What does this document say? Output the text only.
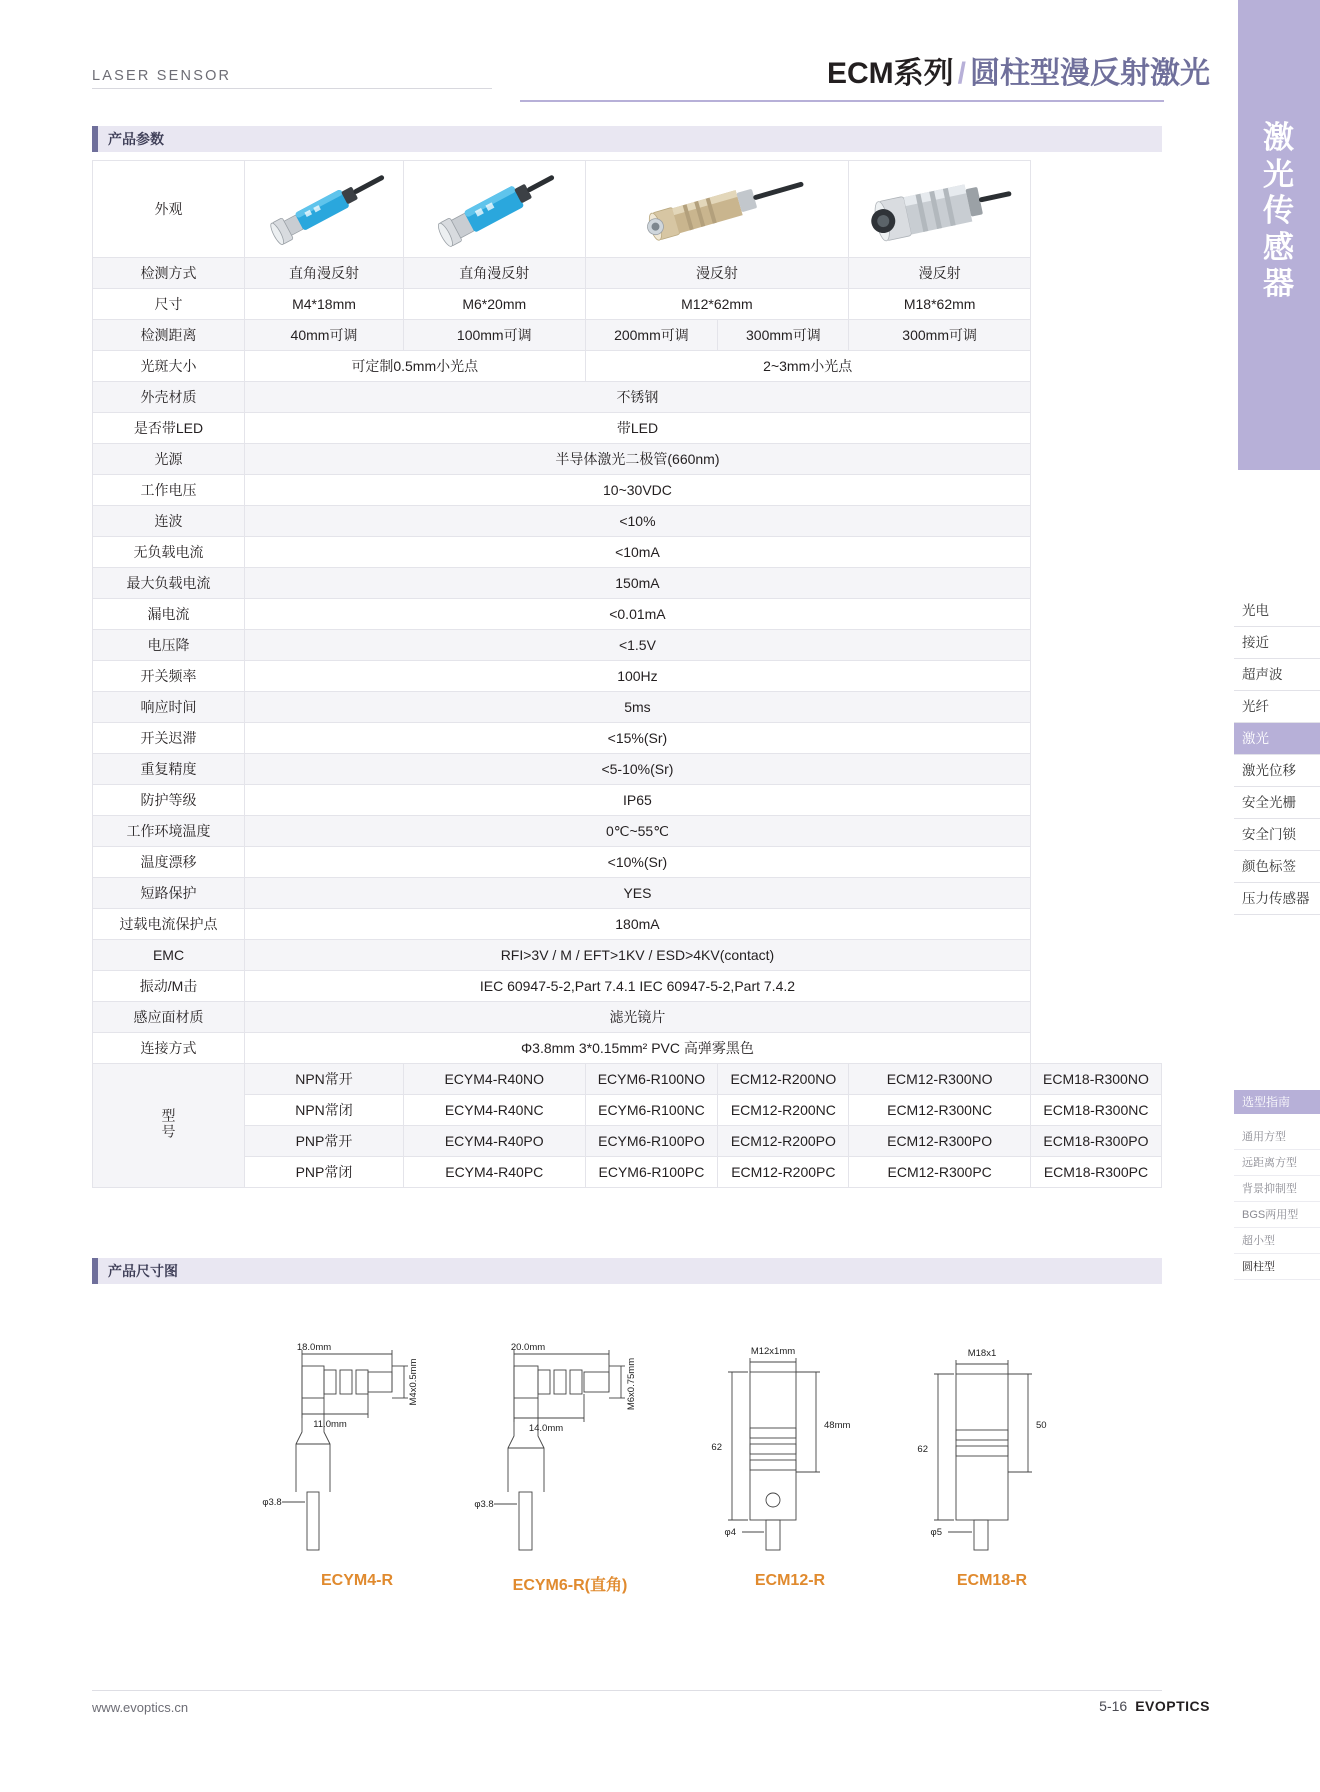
激
光
传
感
器
光电
接近
超声波
光纤
激光
激光位移
安全光栅
安全门锁
颜色标签
压力传感器
选型指南
通用方型
远距离方型
背景抑制型
BGS两用型
超小型
圆柱型
LASER SENSOR	ECM系列 / 圆柱型漫反射激光
产品参数
外观	

检测方式	直角漫反射	直角漫反射	漫反射		漫反射	
尺寸	M4*18mm	M6*20mm	M12*62mm		M18*62mm	
检测距离	40mm可调	100mm可调	200mm可调	300mm可调	300mm可调	
光斑大小	可定制0.5mm小光点		2~3mm小光点			
外壳材质	不锈钢					
是否带LED	带LED					
光源	半导体激光二极管(660nm)					
工作电压	10~30VDC					
连波	<10%					
无负载电流	<10mA					
最大负载电流	150mA					
漏电流	<0.01mA					
电压降	<1.5V					
开关频率	100Hz					
响应时间	5ms					
开关迟滞	<15%(Sr)					
重复精度	<5-10%(Sr)					
防护等级	IP65					
工作环境温度	0℃~55℃					
温度漂移	<10%(Sr)					
短路保护	YES					
过载电流保护点	180mA					
EMC	RFI>3V / M / EFT>1KV / ESD>4KV(contact)					
振动/M击	IEC 60947-5-2,Part 7.4.1 IEC 60947-5-2,Part 7.4.2					
感应面材质	滤光镜片					
连接方式	Φ3.8mm 3*0.15mm² PVC 高弹雾黑色					
型号	NPN常开	ECYM4-R40NO	ECYM6-R100NO	ECM12-R200NO	ECM12-R300NO	ECM18-R300NO
	NPN常闭	ECYM4-R40NC	ECYM6-R100NC	ECM12-R200NC	ECM12-R300NC	ECM18-R300NC
	PNP常开	ECYM4-R40PO	ECYM6-R100PO	ECM12-R200PO	ECM12-R300PO	ECM18-R300PO
	PNP常闭	ECYM4-R40PC	ECYM6-R100PC	ECM12-R200PC	ECM12-R300PC	ECM18-R300PC
产品尺寸图
18.0mm
11.0mm
M4x0.5mm
φ3.8
ECYM4-R
20.0mm
14.0mm
M6x0.75mm
φ3.8
ECYM6-R(直角)
M12x1mm
62
48mm
φ4
ECM12-R
M18x1
62
50
φ5
ECM18-R
www.evoptics.cn	5-16 EVOPTICS
